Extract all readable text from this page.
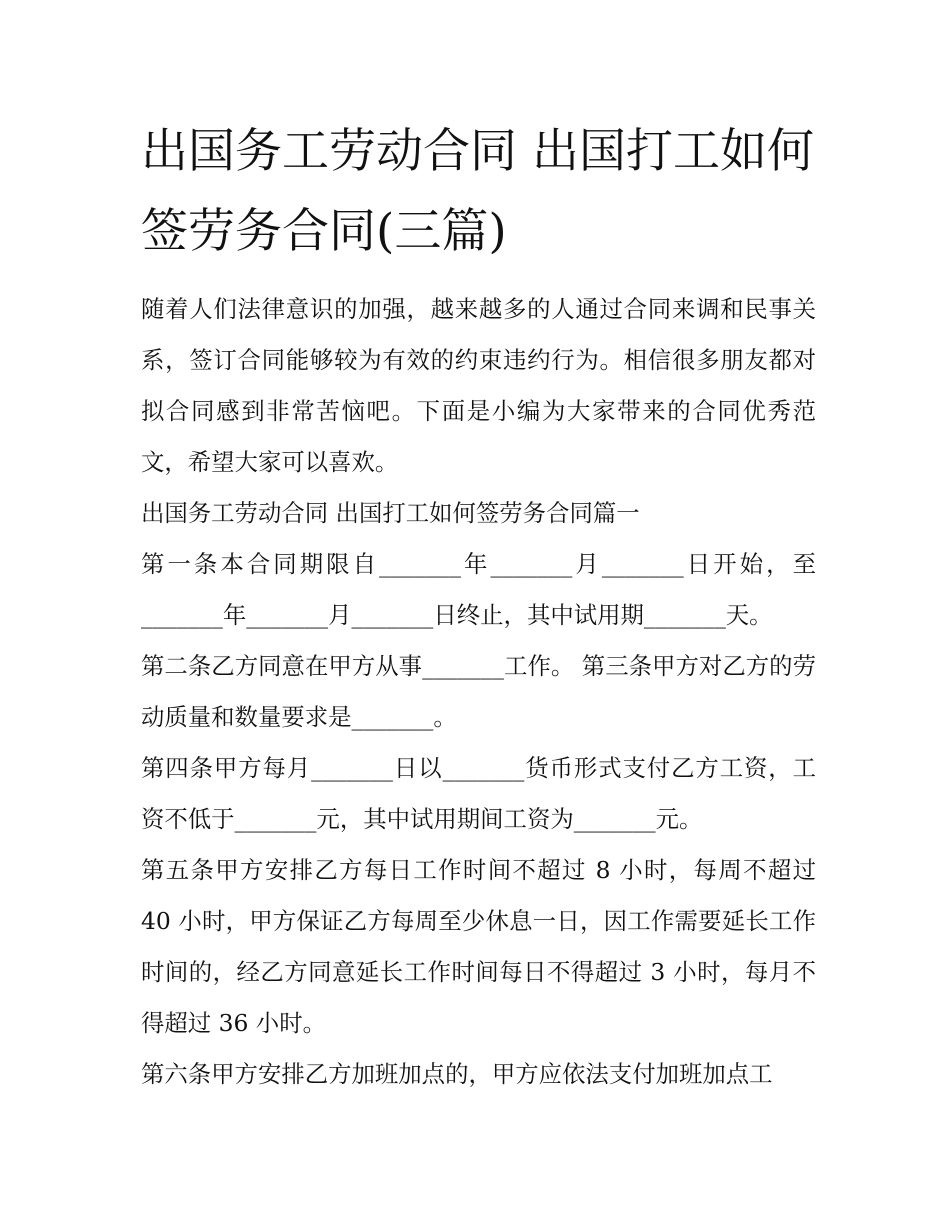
出国务工劳动合同 出国打工如何签劳务合同(三篇)

随着人们法律意识的加强，越来越多的人通过合同来调和民事关系，签订合同能够较为有效的约束违约行为。相信很多朋友都对拟合同感到非常苦恼吧。下面是小编为大家带来的合同优秀范文，希望大家可以喜欢。

出国务工劳动合同 出国打工如何签劳务合同篇一

第一条本合同期限自_______年_______月_______日开始，至_______年_______月_______日终止，其中试用期_______天。

第二条乙方同意在甲方从事_______工作。 第三条甲方对乙方的劳动质量和数量要求是_______。

第四条甲方每月_______日以_______货币形式支付乙方工资，工资不低于_______元，其中试用期间工资为_______元。

第五条甲方安排乙方每日工作时间不超过 8 小时，每周不超过 40 小时，甲方保证乙方每周至少休息一日，因工作需要延长工作时间的，经乙方同意延长工作时间每日不得超过 3 小时，每月不得超过 36 小时。

第六条甲方安排乙方加班加点的，甲方应依法支付加班加点工
